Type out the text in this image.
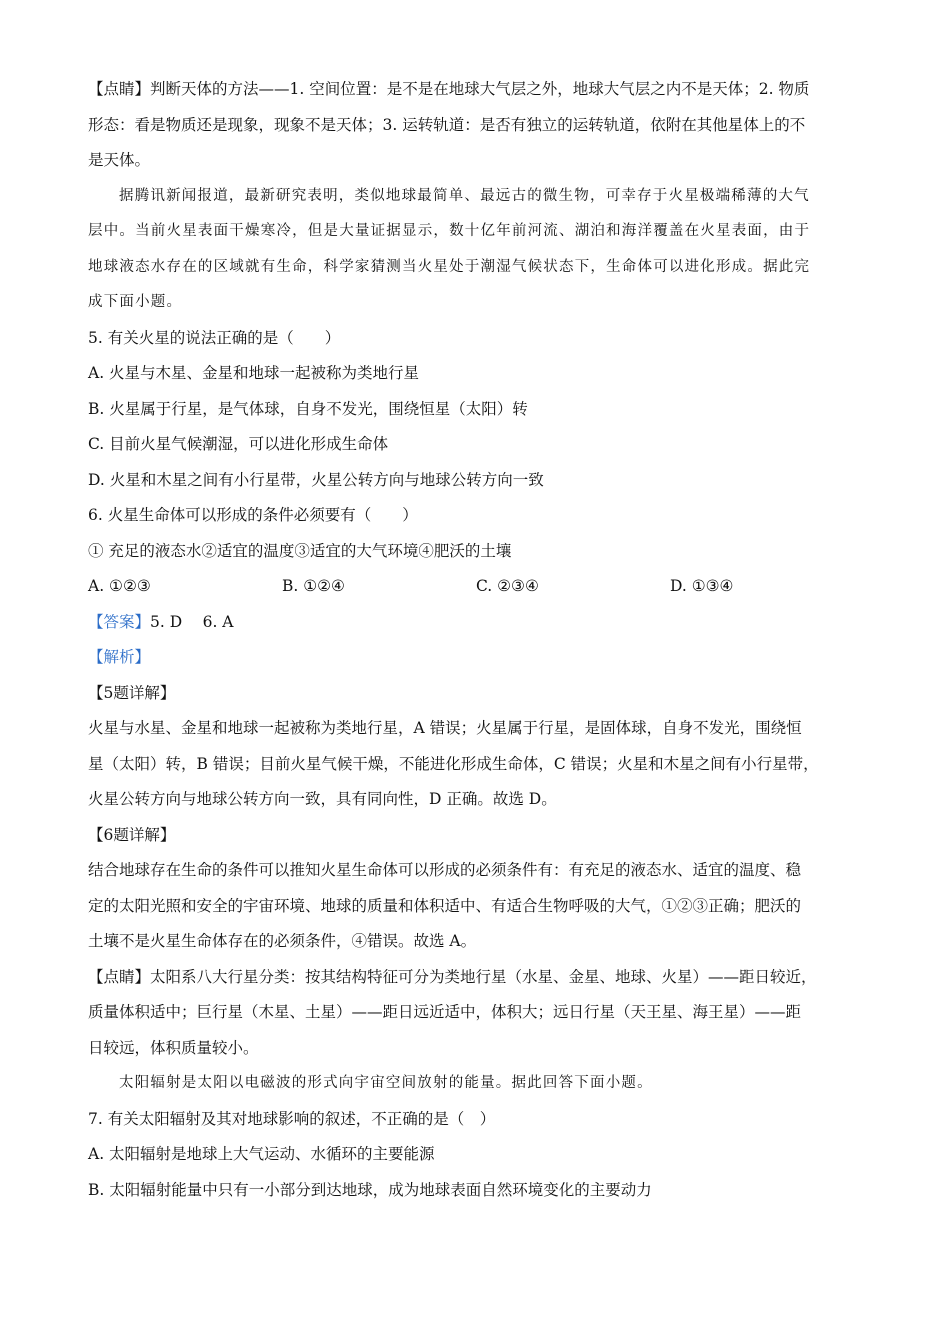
【点睛】判断天体的方法——1. 空间位置：是不是在地球大气层之外，地球大气层之内不是天体；2. 物质
形态：看是物质还是现象，现象不是天体；3. 运转轨道：是否有独立的运转轨道，依附在其他星体上的不
是天体。
据腾讯新闻报道，最新研究表明，类似地球最简单、最远古的微生物，可幸存于火星极端稀薄的大气
层中。当前火星表面干燥寒冷，但是大量证据显示，数十亿年前河流、湖泊和海洋覆盖在火星表面，由于
地球液态水存在的区域就有生命，科学家猜测当火星处于潮湿气候状态下，生命体可以进化形成。据此完
成下面小题。
5. 有关火星的说法正确的是（　　）
A. 火星与木星、金星和地球一起被称为类地行星
B. 火星属于行星，是气体球，自身不发光，围绕恒星（太阳）转
C. 目前火星气候潮湿，可以进化形成生命体
D. 火星和木星之间有小行星带，火星公转方向与地球公转方向一致
6. 火星生命体可以形成的条件必须要有（　　）
① 充足的液态水②适宜的温度③适宜的大气环境④肥沃的土壤
A. ①②③	B. ①②④	C. ②③④	D. ①③④
【答案】5. D　 6. A
【解析】
【5题详解】
火星与水星、金星和地球一起被称为类地行星，A 错误；火星属于行星，是固体球，自身不发光，围绕恒
星（太阳）转，B 错误；目前火星气候干燥，不能进化形成生命体，C 错误；火星和木星之间有小行星带，
火星公转方向与地球公转方向一致，具有同向性，D 正确。故选 D。
【6题详解】
结合地球存在生命的条件可以推知火星生命体可以形成的必须条件有：有充足的液态水、适宜的温度、稳
定的太阳光照和安全的宇宙环境、地球的质量和体积适中、有适合生物呼吸的大气，①②③正确；肥沃的
土壤不是火星生命体存在的必须条件，④错误。故选 A。
【点睛】太阳系八大行星分类：按其结构特征可分为类地行星（水星、金星、地球、火星）——距日较近，
质量体积适中；巨行星（木星、土星）——距日远近适中，体积大；远日行星（天王星、海王星）——距
日较远，体积质量较小。
太阳辐射是太阳以电磁波的形式向宇宙空间放射的能量。据此回答下面小题。
7. 有关太阳辐射及其对地球影响的叙述，不正确的是（　）
A. 太阳辐射是地球上大气运动、水循环的主要能源
B. 太阳辐射能量中只有一小部分到达地球，成为地球表面自然环境变化的主要动力
